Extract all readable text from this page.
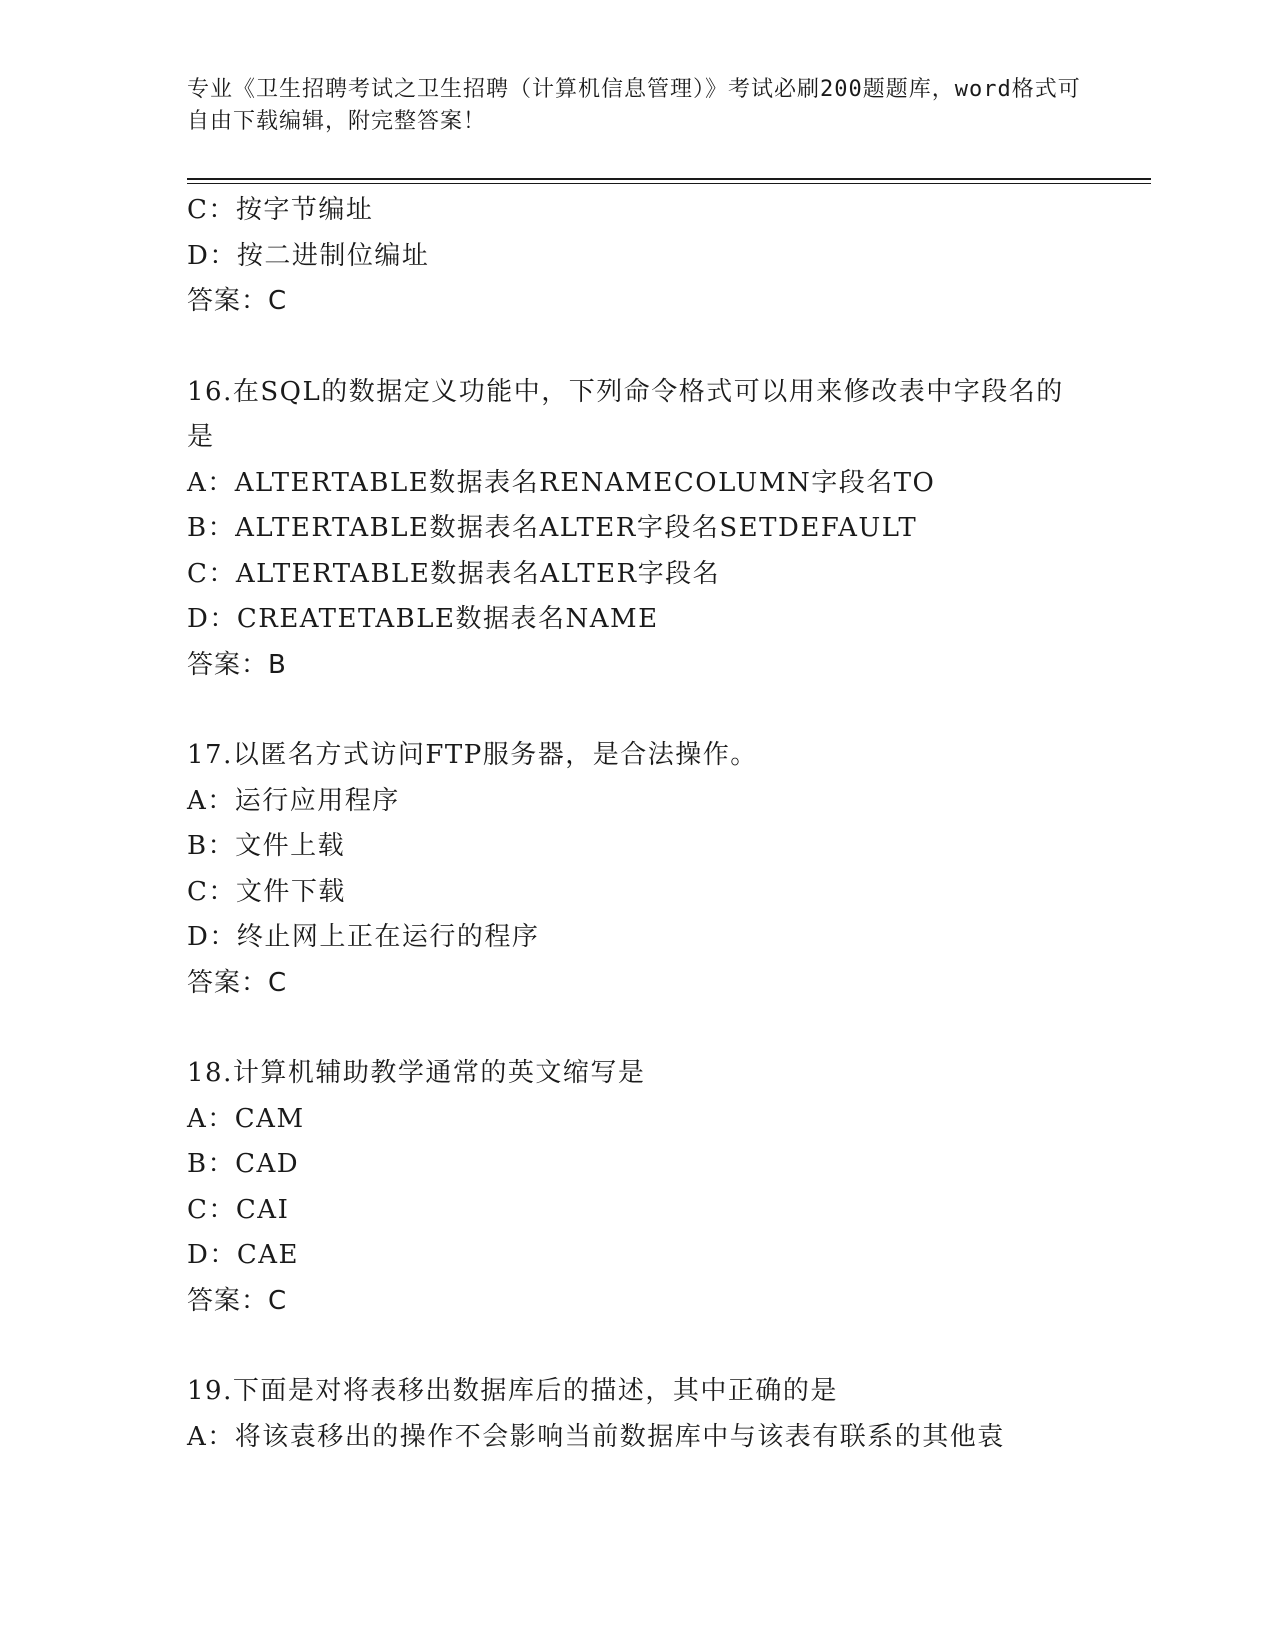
专业《卫生招聘考试之卫生招聘（计算机信息管理）》考试必刷200题题库，word格式可自由下载编辑，附完整答案！

C：按字节编址

D：按二进制位编址

答案：C

16.在SQL的数据定义功能中，下列命令格式可以用来修改表中字段名的是

A：ALTERTABLE数据表名RENAMECOLUMN字段名TO

B：ALTERTABLE数据表名ALTER字段名SETDEFAULT

C：ALTERTABLE数据表名ALTER字段名

D：CREATETABLE数据表名NAME

答案：B

17.以匿名方式访问FTP服务器，是合法操作。

A：运行应用程序

B：文件上载

C：文件下载

D：终止网上正在运行的程序

答案：C

18.计算机辅助教学通常的英文缩写是

A：CAM

B：CAD

C：CAI

D：CAE

答案：C

19.下面是对将表移出数据库后的描述，其中正确的是

A：将该袁移出的操作不会影响当前数据库中与该表有联系的其他袁
